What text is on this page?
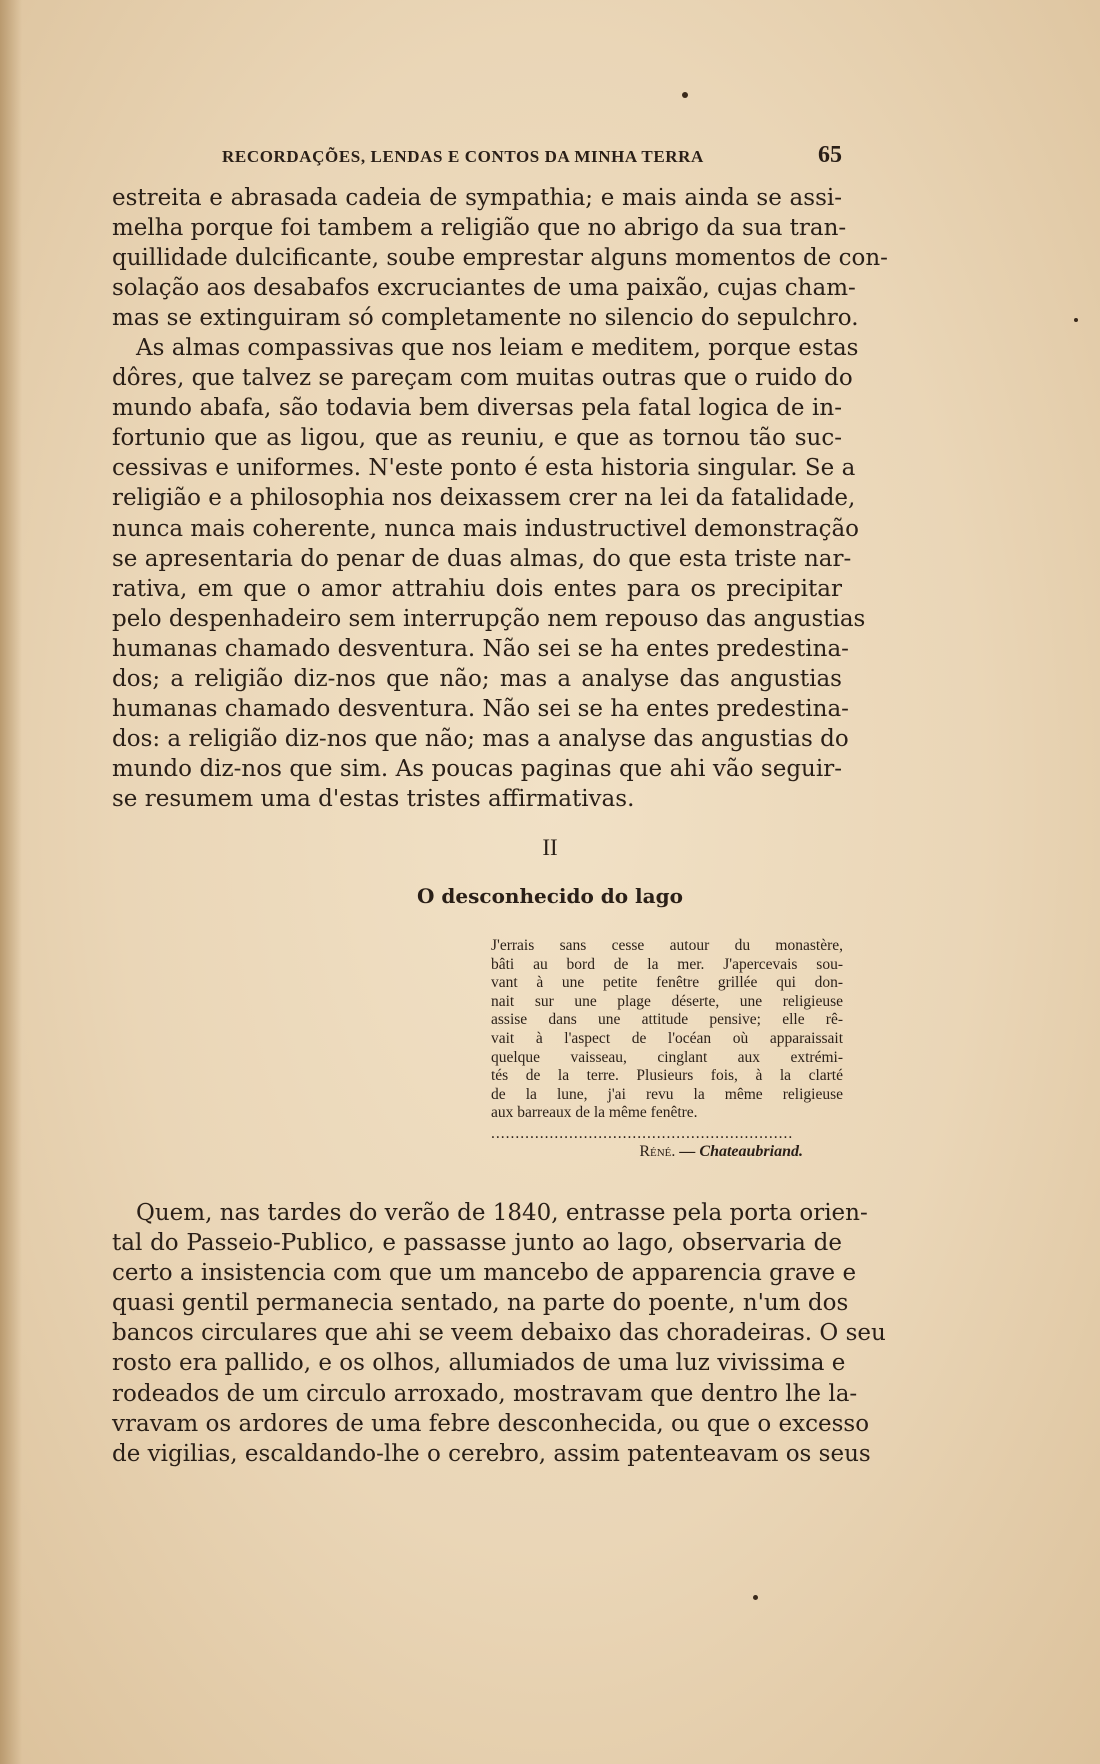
RECORDAÇÕES, LENDAS E CONTOS DA MINHA TERRA	65
estreita e abrasada cadeia de sympathia; e mais ainda se assi-
melha porque foi tambem a religião que no abrigo da sua tran-
quillidade dulcificante, soube emprestar alguns momentos de con-
solação aos desabafos excruciantes de uma paixão, cujas cham-
mas se extinguiram só completamente no silencio do sepulchro.
As almas compassivas que nos leiam e meditem, porque estas
dôres, que talvez se pareçam com muitas outras que o ruido do
mundo abafa, são todavia bem diversas pela fatal logica de in-
fortunio que as ligou, que as reuniu, e que as tornou tão suc-
cessivas e uniformes. N'este ponto é esta historia singular. Se a
religião e a philosophia nos deixassem crer na lei da fatalidade,
nunca mais coherente, nunca mais industructivel demonstração
se apresentaria do penar de duas almas, do que esta triste nar-
rativa, em que o amor attrahiu dois entes para os precipitar
pelo despenhadeiro sem interrupção nem repouso das angustias
humanas chamado desventura. Não sei se ha entes predestina-
dos; a religião diz-nos que não; mas a analyse das angustias
humanas chamado desventura. Não sei se ha entes predestina-
dos: a religião diz-nos que não; mas a analyse das angustias do
mundo diz-nos que sim. As poucas paginas que ahi vão seguir-
se resumem uma d'estas tristes affirmativas.
II
O desconhecido do lago
J'errais sans cesse autour du monastère,
bâti au bord de la mer. J'apercevais sou-
vant à une petite fenêtre grillée qui don-
nait sur une plage déserte, une religieuse
assise dans une attitude pensive; elle rê-
vait à l'aspect de l'océan où apparaissait
quelque vaisseau, cinglant aux extrémi-
tés de la terre. Plusieurs fois, à la clarté
de la lune, j'ai revu la même religieuse
aux barreaux de la même fenêtre.
..............................................................
Réné. — Chateaubriand.
Quem, nas tardes do verão de 1840, entrasse pela porta orien-
tal do Passeio-Publico, e passasse junto ao lago, observaria de
certo a insistencia com que um mancebo de apparencia grave e
quasi gentil permanecia sentado, na parte do poente, n'um dos
bancos circulares que ahi se veem debaixo das choradeiras. O seu
rosto era pallido, e os olhos, allumiados de uma luz vivissima e
rodeados de um circulo arroxado, mostravam que dentro lhe la-
vravam os ardores de uma febre desconhecida, ou que o excesso
de vigilias, escaldando-lhe o cerebro, assim patenteavam os seus
